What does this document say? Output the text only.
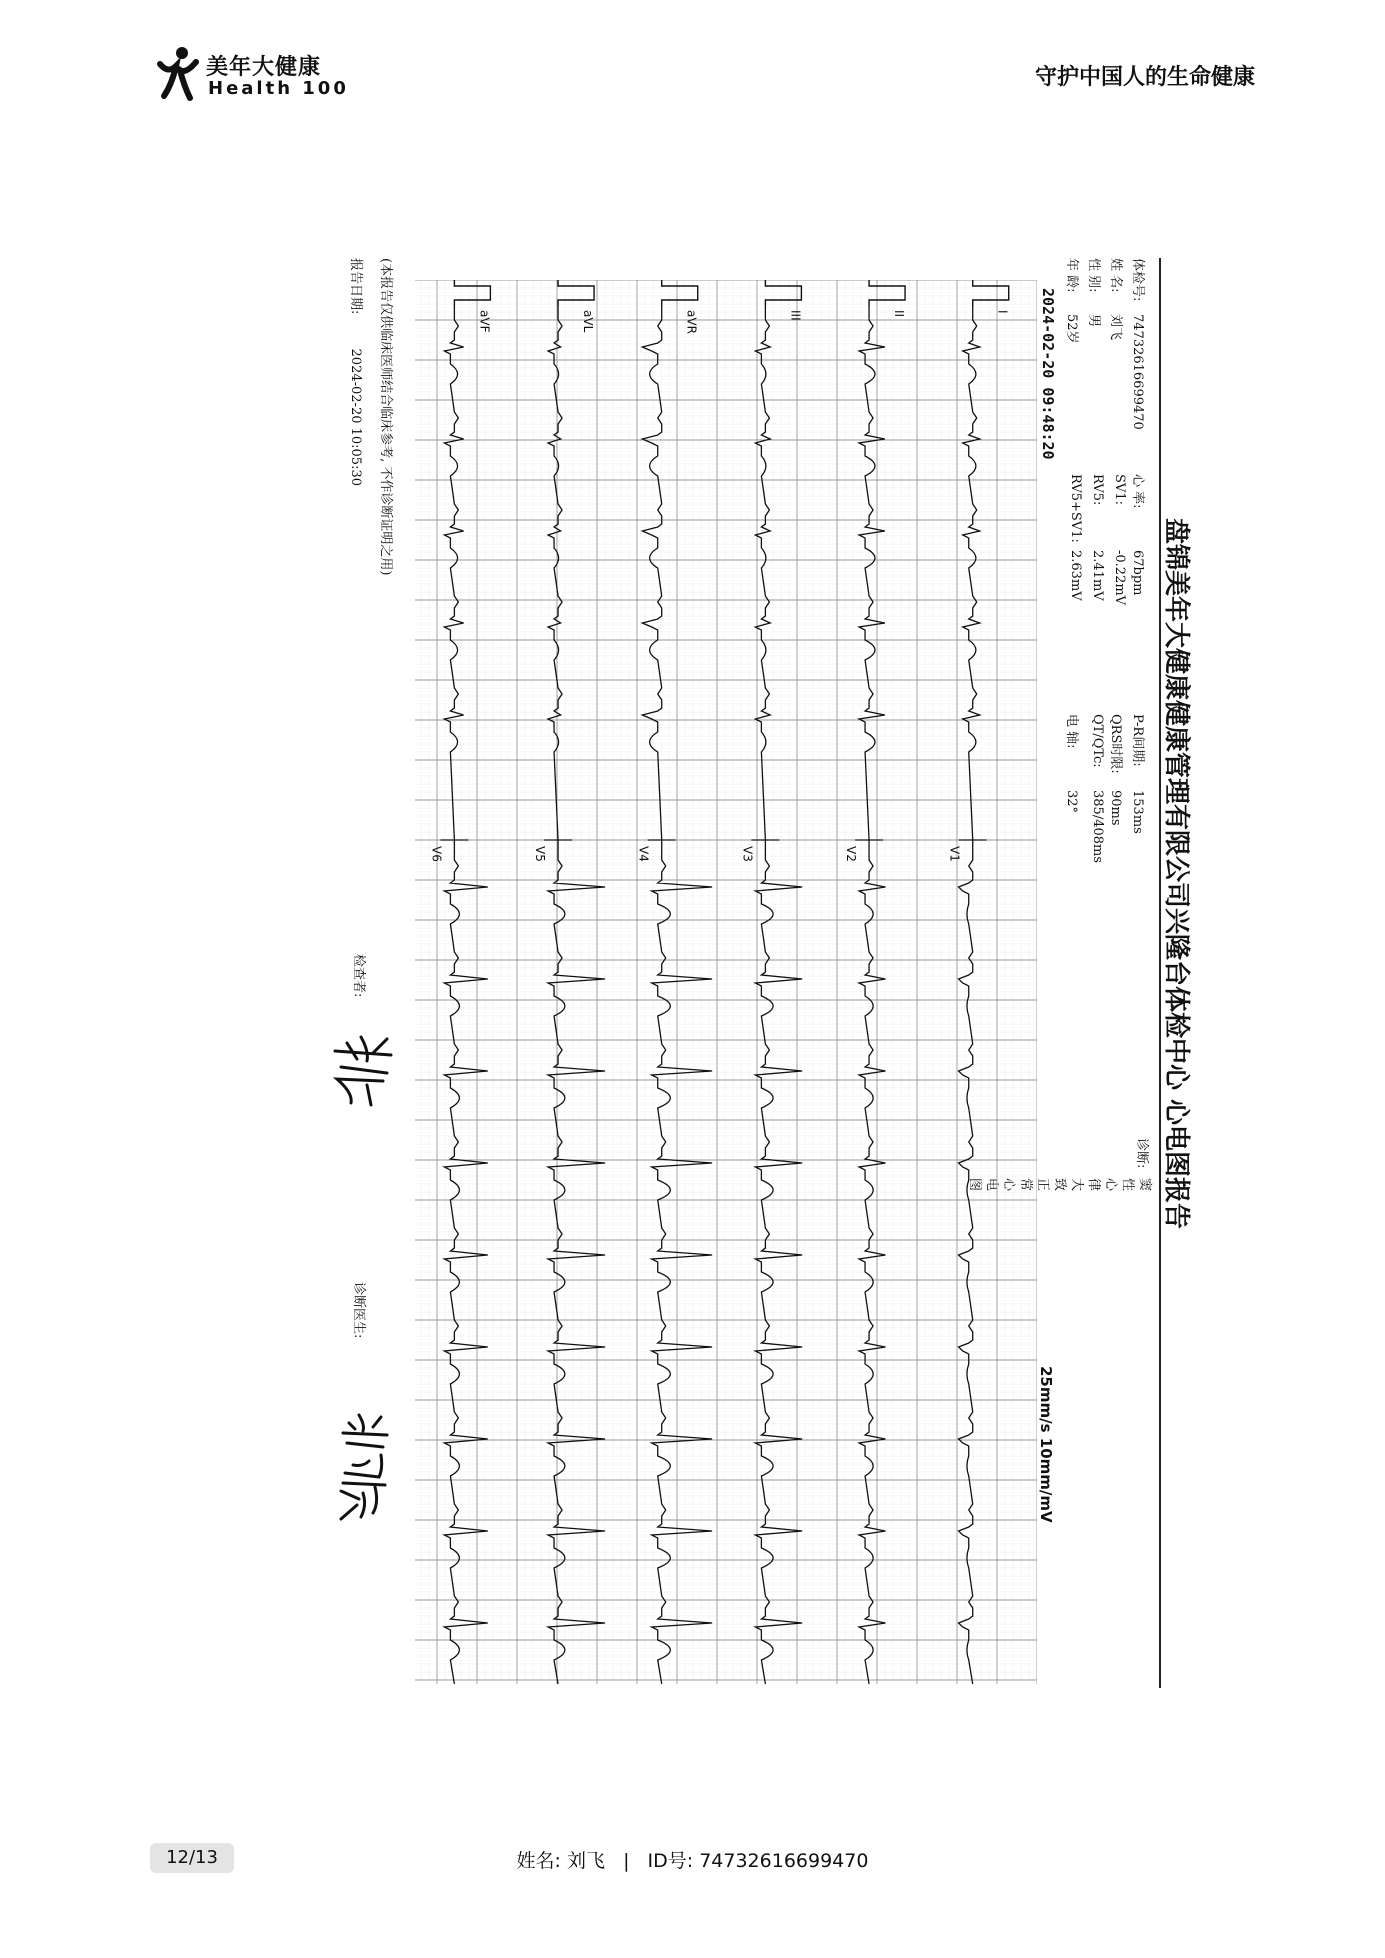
美年大健康
Health 100	守护中国人的生命健康
盘锦美年大健康健康管理有限公司兴隆台体检中心 心电图报告
体检号:74732616699470
姓 名:刘飞
性 别:男
年 龄:52岁
心 率:67bpm
SV1:-0.22mV
RV5:2.41mV
RV5+SV1:2.63mV
P-R间期:153ms
QRS时限:90ms
QT/QTc:385/408ms
电 轴:32°
诊断:
窦性心律
大致正常心电图
2024-02-20 09:48:20
25mm/s 10mm/mV
I
V1
II
V2
III
V3
aVR
V4
aVL
V5
aVF
V6
(本报告仅供临床医师结合临床参考, 不作诊断证明之用)
报告日期: 2024-02-20 10:05:30
检查者:
诊断医生:
12/13	姓名: 刘飞 | ID号: 74732616699470
